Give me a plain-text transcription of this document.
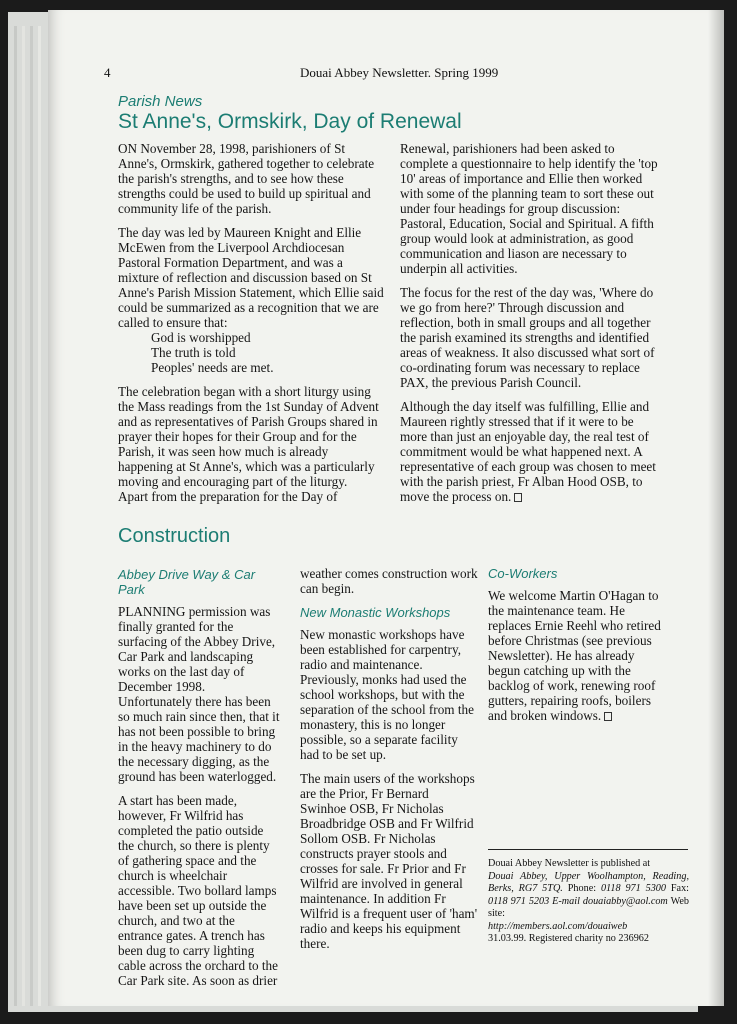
4	Douai Abbey Newsletter. Spring 1999
Parish News
St Anne's, Ormskirk, Day of Renewal

ON November 28, 1998, parishioners of St Anne's, Ormskirk, gathered together to celebrate the parish's strengths, and to see how these strengths could be used to build up spiritual and community life of the parish.

The day was led by Maureen Knight and Ellie McEwen from the Liverpool Archdiocesan Pastoral Formation Department, and was a mixture of reflection and discussion based on St Anne's Parish Mission Statement, which Ellie said could be summarized as a recognition that we are called to ensure that:

God is worshipped
The truth is told
Peoples' needs are met.

The celebration began with a short liturgy using the Mass readings from the 1st Sunday of Advent and as representatives of Parish Groups shared in prayer their hopes for their Group and for the Parish, it was seen how much is already happening at St Anne's, which was a particularly moving and encouraging part of the liturgy.

Apart from the preparation for the Day of

Renewal, parishioners had been asked to complete a questionnaire to help identify the 'top 10' areas of importance and Ellie then worked with some of the planning team to sort these out under four headings for group discussion: Pastoral, Education, Social and Spiritual. A fifth group would look at administration, as good communication and liason are necessary to underpin all activities.

The focus for the rest of the day was, 'Where do we go from here?' Through discussion and reflection, both in small groups and all together the parish examined its strengths and identified areas of weakness. It also discussed what sort of co-ordinating forum was necessary to replace PAX, the previous Parish Council.

Although the day itself was fulfilling, Ellie and Maureen rightly stressed that if it were to be more than just an enjoyable day, the real test of commitment would be what happened next. A representative of each group was chosen to meet with the parish priest, Fr Alban Hood OSB, to move the process on.

Construction
Abbey Drive Way & Car Park

PLANNING permission was finally granted for the surfacing of the Abbey Drive, Car Park and landscaping works on the last day of December 1998. Unfortunately there has been so much rain since then, that it has not been possible to bring in the heavy machinery to do the necessary digging, as the ground has been waterlogged.

A start has been made, however, Fr Wilfrid has completed the patio outside the church, so there is plenty of gathering space and the church is wheelchair accessible. Two bollard lamps have been set up outside the church, and two at the entrance gates. A trench has been dug to carry lighting cable across the orchard to the Car Park site. As soon as drier

weather comes construction work can begin.

New Monastic Workshops

New monastic workshops have been established for carpentry, radio and maintenance. Previously, monks had used the school workshops, but with the separation of the school from the monastery, this is no longer possible, so a separate facility had to be set up.

The main users of the workshops are the Prior, Fr Bernard Swinhoe OSB, Fr Nicholas Broadbridge OSB and Fr Wilfrid Sollom OSB. Fr Nicholas constructs prayer stools and crosses for sale. Fr Prior and Fr Wilfrid are involved in general maintenance. In addition Fr Wilfrid is a frequent user of 'ham' radio and keeps his equipment there.

Co-Workers

We welcome Martin O'Hagan to the maintenance team. He replaces Ernie Reehl who retired before Christmas (see previous Newsletter). He has already begun catching up with the backlog of work, renewing roof gutters, repairing roofs, boilers and broken windows.

Douai Abbey Newsletter is published at
Douai Abbey, Upper Woolhampton, Reading, Berks, RG7 5TQ. Phone: 0118 971 5300 Fax: 0118 971 5203 E-mail douaiabby@aol.com Web site:
http://members.aol.com/douaiweb
31.03.99. Registered charity no 236962
